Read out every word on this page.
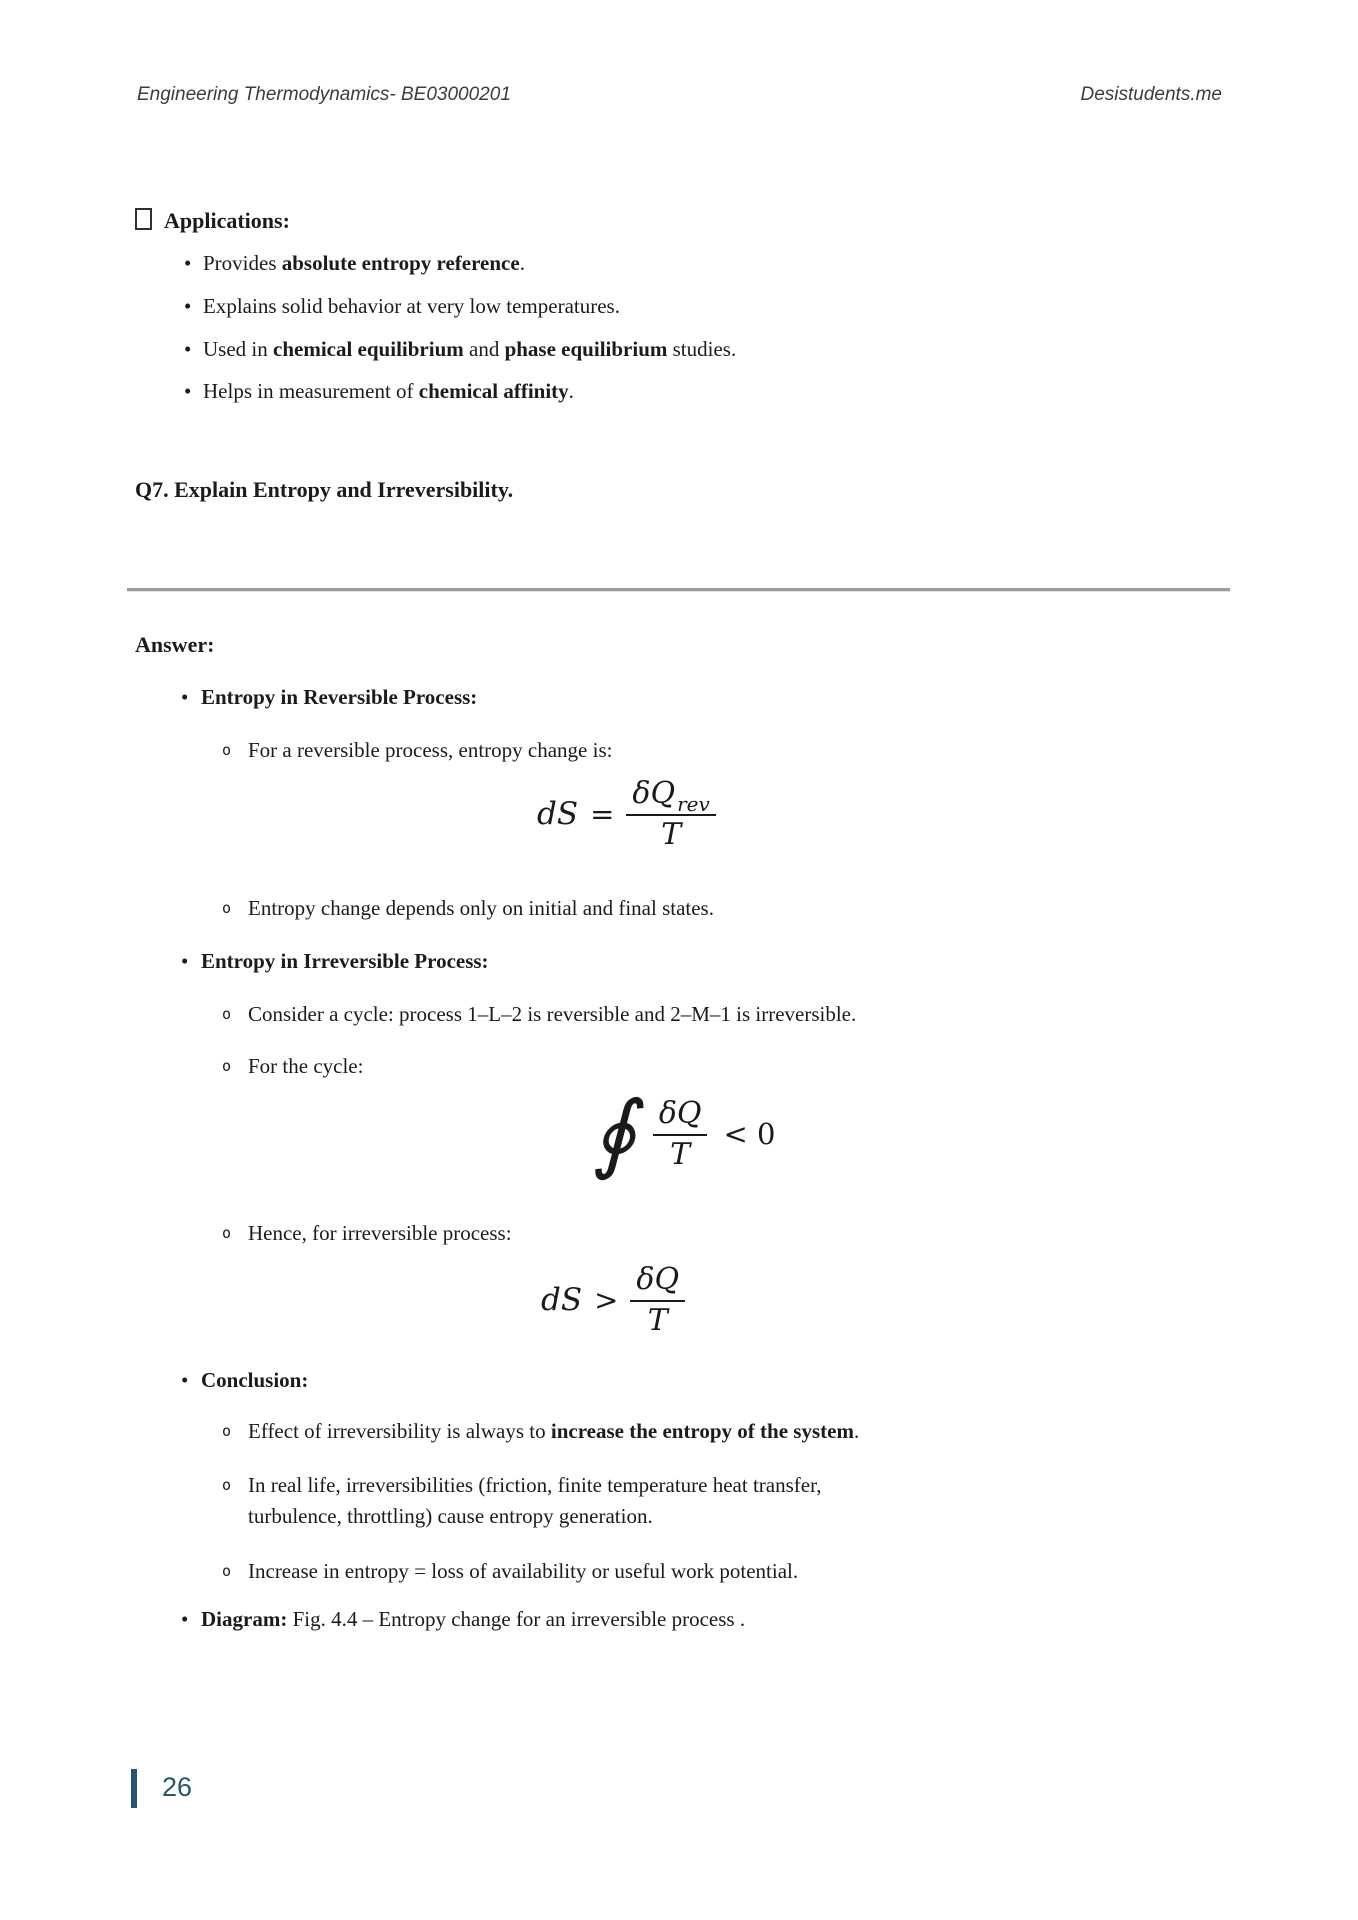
Engineering Thermodynamics- BE03000201	Desistudents.me
Applications:
• Provides absolute entropy reference.
• Explains solid behavior at very low temperatures.
• Used in chemical equilibrium and phase equilibrium studies.
• Helps in measurement of chemical affinity.
Q7. Explain Entropy and Irreversibility.
Answer:
• Entropy in Reversible Process:
o For a reversible process, entropy change is:
dS = $\frac{\text{δQ rev}}{T}$
o Entropy change depends only on initial and final states.
• Entropy in Irreversible Process:
o Consider a cycle: process 1–L–2 is reversible and 2–M–1 is irreversible.
o For the cycle:
∮ $\frac{\delta Q}{T} < 0$
o Hence, for irreversible process:
dS > $\frac{\delta Q}{T}$
• Conclusion:
o Effect of irreversibility is always to increase the entropy of the system.
o In real life, irreversibilities (friction, finite temperature heat transfer,
turbulence, throttling) cause entropy generation.
o Increase in entropy = loss of availability or useful work potential.
• Diagram: Fig. 4.4 – Entropy change for an irreversible process .
26
